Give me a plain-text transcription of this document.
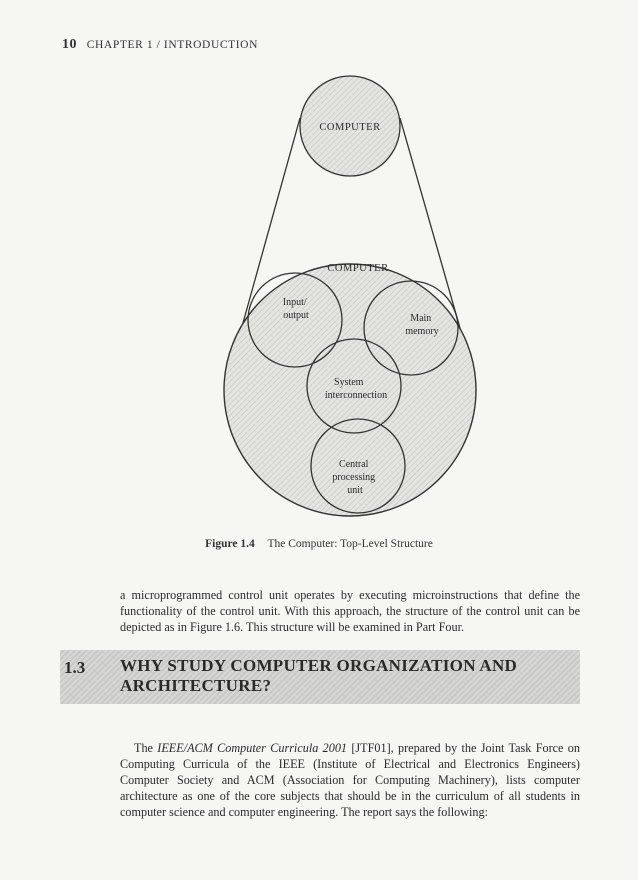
10 CHAPTER 1 / INTRODUCTION
COMPUTER
COMPUTER
Input/ output	Main memory
System interconnection
Central processing unit
Figure 1.4 The Computer: Top-Level Structure
a microprogrammed control unit operates by executing microinstructions that define the functionality of the control unit. With this approach, the structure of the control unit can be depicted as in Figure 1.6. This structure will be examined in Part Four.
1.3 WHY STUDY COMPUTER ORGANIZATION AND ARCHITECTURE?
The IEEE/ACM Computer Curricula 2001 [JTF01], prepared by the Joint Task Force on Computing Curricula of the IEEE (Institute of Electrical and Electronics Engineers) Computer Society and ACM (Association for Computing Machinery), lists computer architecture as one of the core subjects that should be in the curriculum of all students in computer science and computer engineering. The report says the following:
